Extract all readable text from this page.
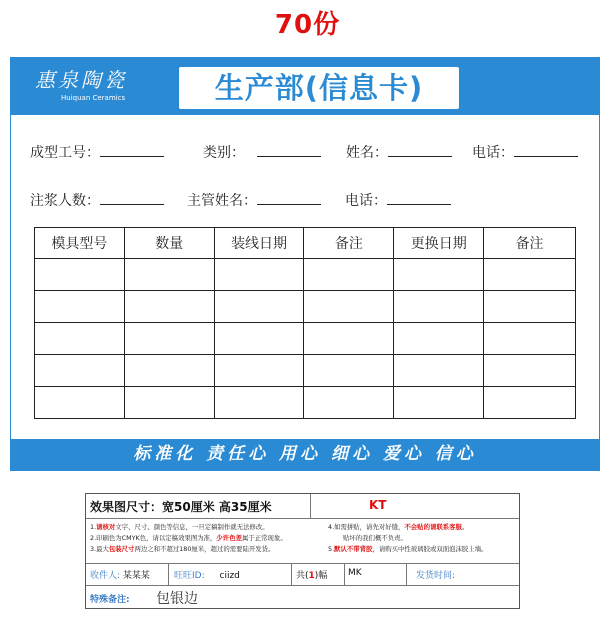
70份
惠泉陶瓷
Huiquan Ceramics	生产部(信息卡)
成型工号：	类别：	姓名：	电话：
注浆人数：	主管姓名：	电话：
模具型号	数量	装线日期	备注	更换日期	备注

标准化 责任心 用心 细心 爱心 信心
效果图尺寸：宽50厘米 高35厘米	KT
1.请核对文字、尺寸、颜色等信息，一旦定稿制作就无法修改。
2.印刷色为CMYK色，请以定稿效果图为准，少许色差属于正常现象。
3.最大包装尺寸两边之和不超过180厘米，超过的需要陆开发货。
4.如需拼贴，请先对好缝，不会贴的请联系客服。
贴坏的我们概不负责。
5.默认不带背胶，请购买中性玻璃胶或双面泡沫胶上墙。
收件人: 某某某	旺旺ID: ciizd	共(1)幅 MK	发货时间:
特殊备注: 包银边
